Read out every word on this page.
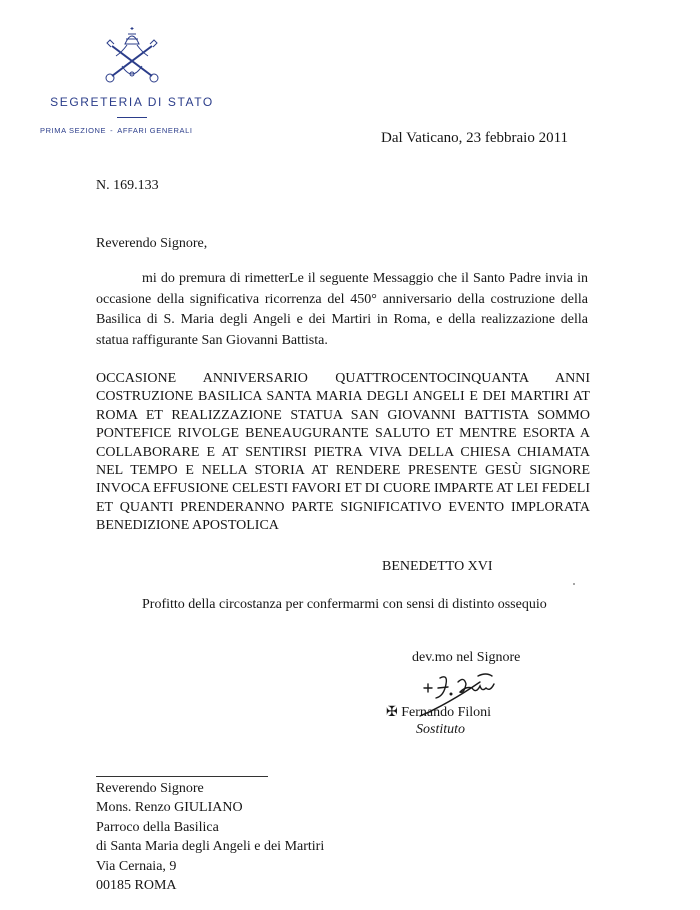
SEGRETERIA DI STATO
PRIMA SEZIONE - AFFARI GENERALI	Dal Vaticano, 23 febbraio 2011
N. 169.133
Reverendo Signore,

mi do premura di rimetterLe il seguente Messaggio che il Santo Padre invia in occasione della significativa ricorrenza del 450° anniversario della costruzione della Basilica di S. Maria degli Angeli e dei Martiri in Roma, e della realizzazione della statua raffigurante San Giovanni Battista.

OCCASIONE ANNIVERSARIO QUATTROCENTOCINQUANTA ANNI COSTRUZIONE BASILICA SANTA MARIA DEGLI ANGELI E DEI MARTIRI AT ROMA ET REALIZZAZIONE STATUA SAN GIOVANNI BATTISTA SOMMO PONTEFICE RIVOLGE BENEAUGURANTE SALUTO ET MENTRE ESORTA A COLLABORARE E AT SENTIRSI PIETRA VIVA DELLA CHIESA CHIAMATA NEL TEMPO E NELLA STORIA AT RENDERE PRESENTE GESÙ SIGNORE INVOCA EFFUSIONE CELESTI FAVORI ET DI CUORE IMPARTE AT LEI FEDELI ET QUANTI PRENDERANNO PARTE SIGNIFICATIVO EVENTO IMPLORATA BENEDIZIONE APOSTOLICA

BENEDETTO XVI

Profitto della circostanza per confermarmi con sensi di distinto ossequio

dev.mo nel Signore
✠ Fernando Filoni
Sostituto
Reverendo Signore
Mons. Renzo GIULIANO
Parroco della Basilica
di Santa Maria degli Angeli e dei Martiri
Via Cernaia, 9
00185 ROMA
